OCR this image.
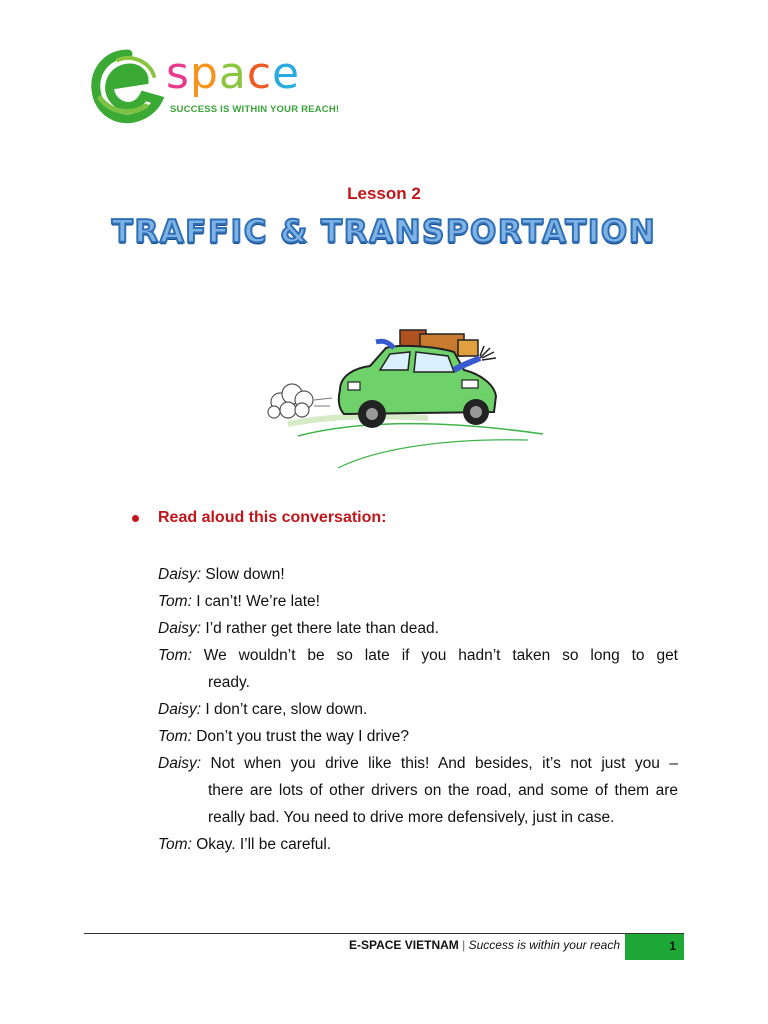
space
SUCCESS IS WITHIN YOUR REACH!
Lesson 2
TRAFFIC & TRANSPORTATION
Read aloud this conversation:
Daisy: Slow down!
Tom: I can’t! We’re late!
Daisy: I’d rather get there late than dead.
Tom: We wouldn’t be so late if you hadn’t taken so long to get
ready.
Daisy: I don’t care, slow down.
Tom: Don’t you trust the way I drive?
Daisy: Not when you drive like this! And besides, it’s not just you –
there are lots of other drivers on the road, and some of them are really bad. You need to drive more defensively, just in case.
Tom: Okay. I’ll be careful.
E-SPACE VIETNAM | Success is within your reach	1
